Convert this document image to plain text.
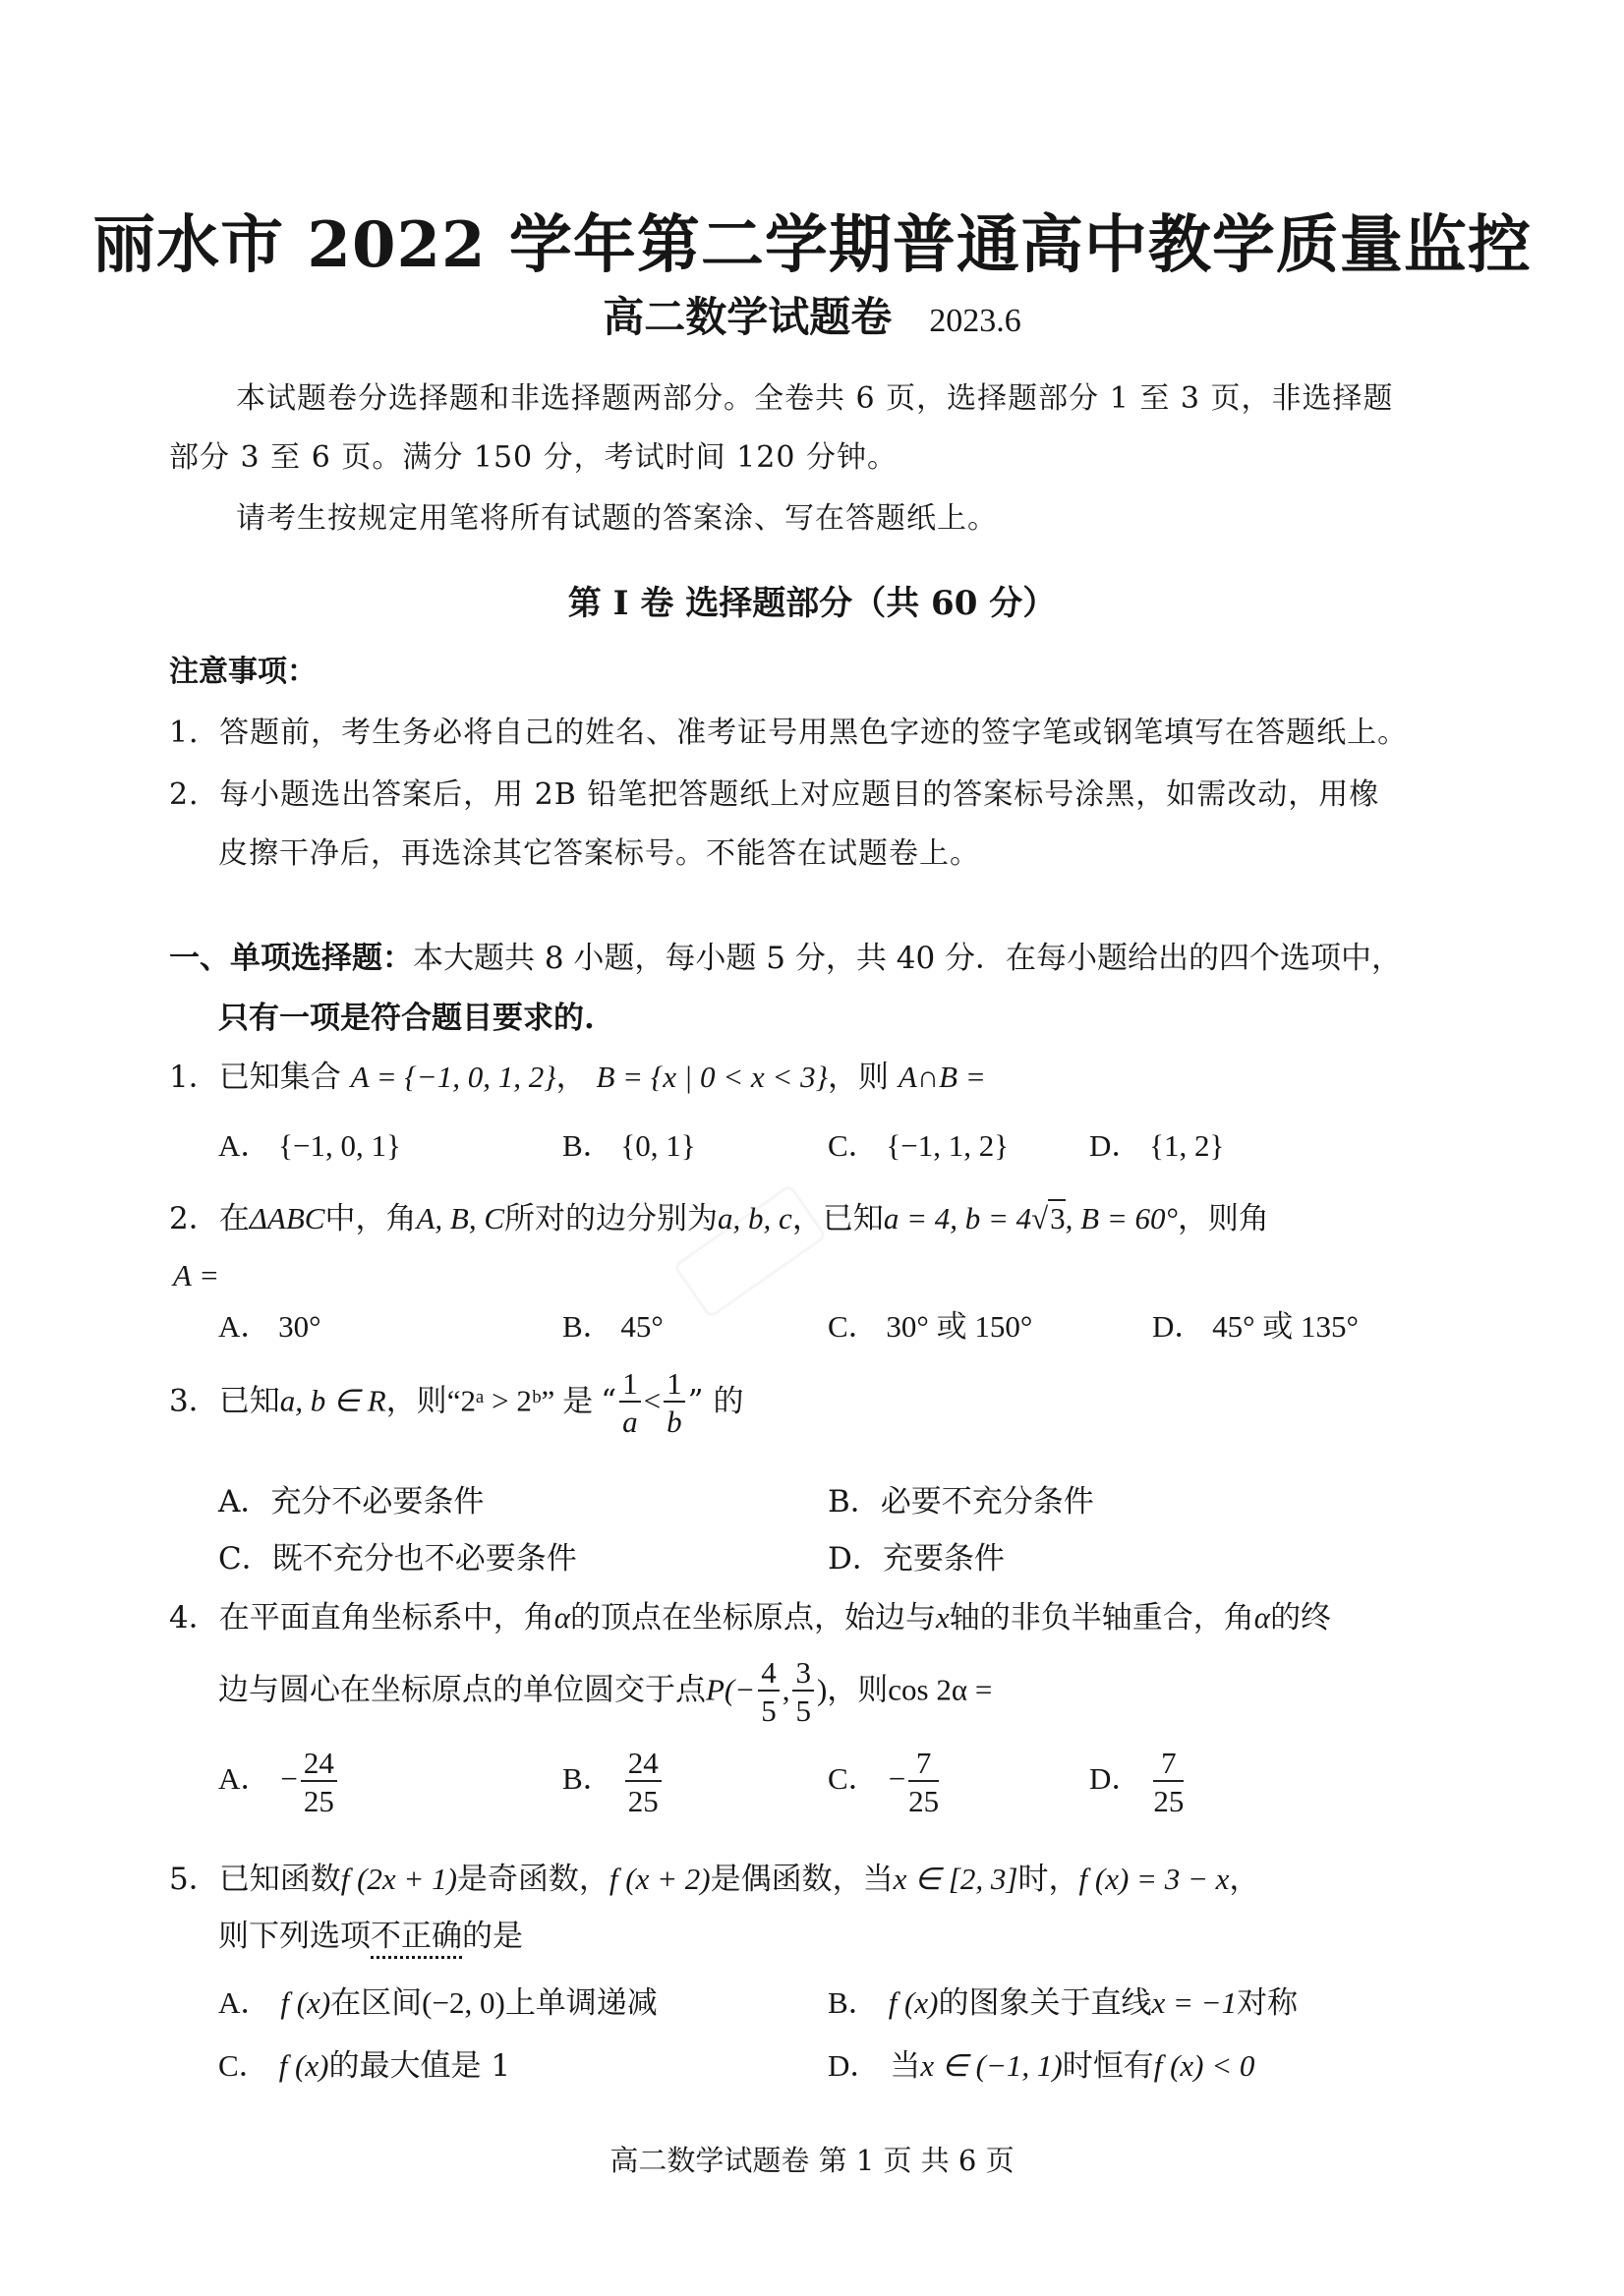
丽水市 2022 学年第二学期普通高中教学质量监控
高二数学试题卷 2023.6
本试题卷分选择题和非选择题两部分。全卷共 6 页，选择题部分 1 至 3 页，非选择题
部分 3 至 6 页。满分 150 分，考试时间 120 分钟。
请考生按规定用笔将所有试题的答案涂、写在答题纸上。
第 Ⅰ 卷 选择题部分（共 60 分）
注意事项：
1．答题前，考生务必将自己的姓名、准考证号用黑色字迹的签字笔或钢笔填写在答题纸上。
2．每小题选出答案后，用 2B 铅笔把答题纸上对应题目的答案标号涂黑，如需改动，用橡
皮擦干净后，再选涂其它答案标号。不能答在试题卷上。
一、单项选择题：本大题共 8 小题，每小题 5 分，共 40 分．在每小题给出的四个选项中，
只有一项是符合题目要求的.
1．已知集合 A = {−1, 0, 1, 2}， B = {x | 0 < x < 3}，则 A∩B =
A． {−1, 0, 1}	B． {0, 1}	C． {−1, 1, 2}	D． {1, 2}
2．在ΔABC中，角A, B, C所对的边分别为a, b, c，已知a = 4, b = 4√3, B = 60°，则角
A =
A． 30°	B． 45°	C． 30° 或 150°	D． 45° 或 135°
3．已知a, b ∈ R，则“2ᵃ > 2ᵇ” 是 “ $\frac{1}{a} < \frac{1}{b}$ ” 的
A．充分不必要条件	B．必要不充分条件
C．既不充分也不必要条件	D．充要条件
4．在平面直角坐标系中，角α的顶点在坐标原点，始边与x轴的非负半轴重合，角α的终
边与圆心在坐标原点的单位圆交于点$P(- \frac{4}{5}$ , $\frac{3}{5}$ )，则cos 2α =
A． − $\frac{24}{25}$	B． $\frac{24}{25}$	C． − $\frac{7}{25}$	D． $\frac{7}{25}$
5．已知函数f (2x + 1)是奇函数，f (x + 2)是偶函数，当x ∈ [2, 3]时，f (x) = 3 − x，
则下列选项不正确的是
A． f (x)在区间(−2, 0)上单调递减	B． f (x)的图象关于直线x = −1对称
C． f (x)的最大值是 1	D． 当x ∈ (−1, 1)时恒有f (x) < 0
高二数学试题卷 第 1 页 共 6 页
